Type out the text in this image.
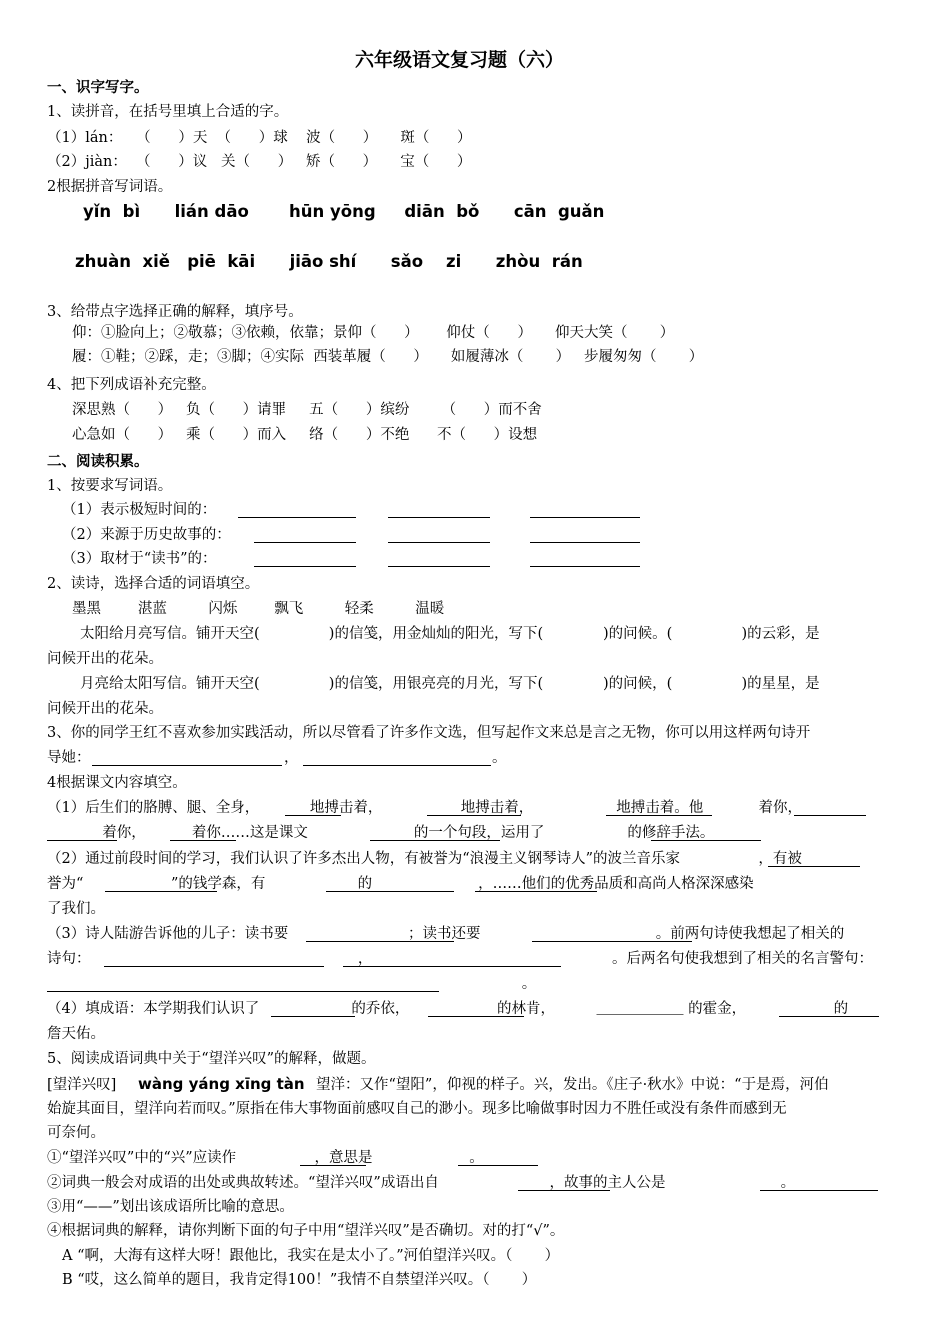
六年级语文复习题（六）
一、识字写字。
1、读拼音，在括号里填上合适的字。
（1）lán：   （      ）天  （      ）球    波（      ）     斑（      ）
（2）jiàn：  （      ）议   关（      ）   矫（      ）     宝（      ）
2根据拼音写词语。
yǐn  bì      lián dāo       hūn yōng     diān  bǒ      cān  guǎn
zhuàn  xiě   piē  kāi      jiāo shí      sǎo    zi      zhòu  rán
3、给带点字选择正确的解释，填序号。
仰：①脸向上；②敬慕；③依赖，依靠；景仰（      ）      仰仗（      ）     仰天大笑（       ）
履：①鞋；②踩，走；③脚；④实际  西装革履（      ）     如履薄冰（       ）   步履匆匆（       ）
4、把下列成语补充完整。
深思熟（      ）   负（      ）请罪     五（      ）缤纷       （      ）而不舍
心急如（      ）   乘（      ）而入     络（      ）不绝      不（      ）设想
二、阅读积累。
1、按要求写词语。
（1）表示极短时间的：
（2）来源于历史故事的：
（3）取材于“读书”的：
2、读诗，选择合适的词语填空。
墨黑        湛蓝         闪烁        飘飞         轻柔         温暖
太阳给月亮写信。铺开天空(               )的信笺，用金灿灿的阳光，写下(             )的问候。(               )的云彩，是
问候开出的花朵。
月亮给太阳写信。铺开天空(               )的信笺，用银亮亮的月光，写下(             )的问候，(               )的星星，是
问候开出的花朵。
3、你的同学王红不喜欢参加实践活动，所以尽管看了许多作文选，但写起作文来总是言之无物，你可以用这样两句诗开
导她：	，	。
4根据课文内容填空。
（1）后生们的胳膊、腿、全身，           地搏击着，                 地搏击着，                  地搏击着。他            着你，
着你，          着你……这是课文                       的一个句段，运用了                  的修辞手法。
（2）通过前段时间的学习，我们认识了许多杰出人物，有被誉为“浪漫主义钢琴诗人”的波兰音乐家                 ，有被
誉为“                   ”的钱学森，有                    的                       ，……他们的优秀品质和高尚人格深深感染
了我们。
（3）诗人陆游告诉他的儿子：读书要                          ；读书还要                                      。前两句诗使我想起了相关的
诗句：                                                          ，                                                    。后两名句使我想到了相关的名言警句：
。
（4）填成语：本学期我们认识了                    的乔依，                   的林肯，         ＿＿＿＿＿＿ 的霍金，                   的
詹天佑。
5、阅读成语词典中关于“望洋兴叹”的解释，做题。
[望洋兴叹] wàng yáng xīng tàn 望洋：又作“望阳”，仰视的样子。兴，发出。《庄子·秋水》中说：“于是焉，河伯
始旋其面目，望洋向若而叹。”原指在伟大事物面前感叹自己的渺小。现多比喻做事时因力不胜任或没有条件而感到无
可奈何。
①“望洋兴叹”中的“兴”应读作                 ，意思是                     。
②词典一般会对成语的出处或典故转述。“望洋兴叹”成语出自                        ，故事的主人公是                         。
③用“——”划出该成语所比喻的意思。
④根据词典的解释，请你判断下面的句子中用“望洋兴叹”是否确切。对的打“√”。
A “啊，大海有这样大呀！跟他比，我实在是太小了。”河伯望洋兴叹。（       ）
B “哎，这么简单的题目，我肯定得100！”我情不自禁望洋兴叹。（       ）
